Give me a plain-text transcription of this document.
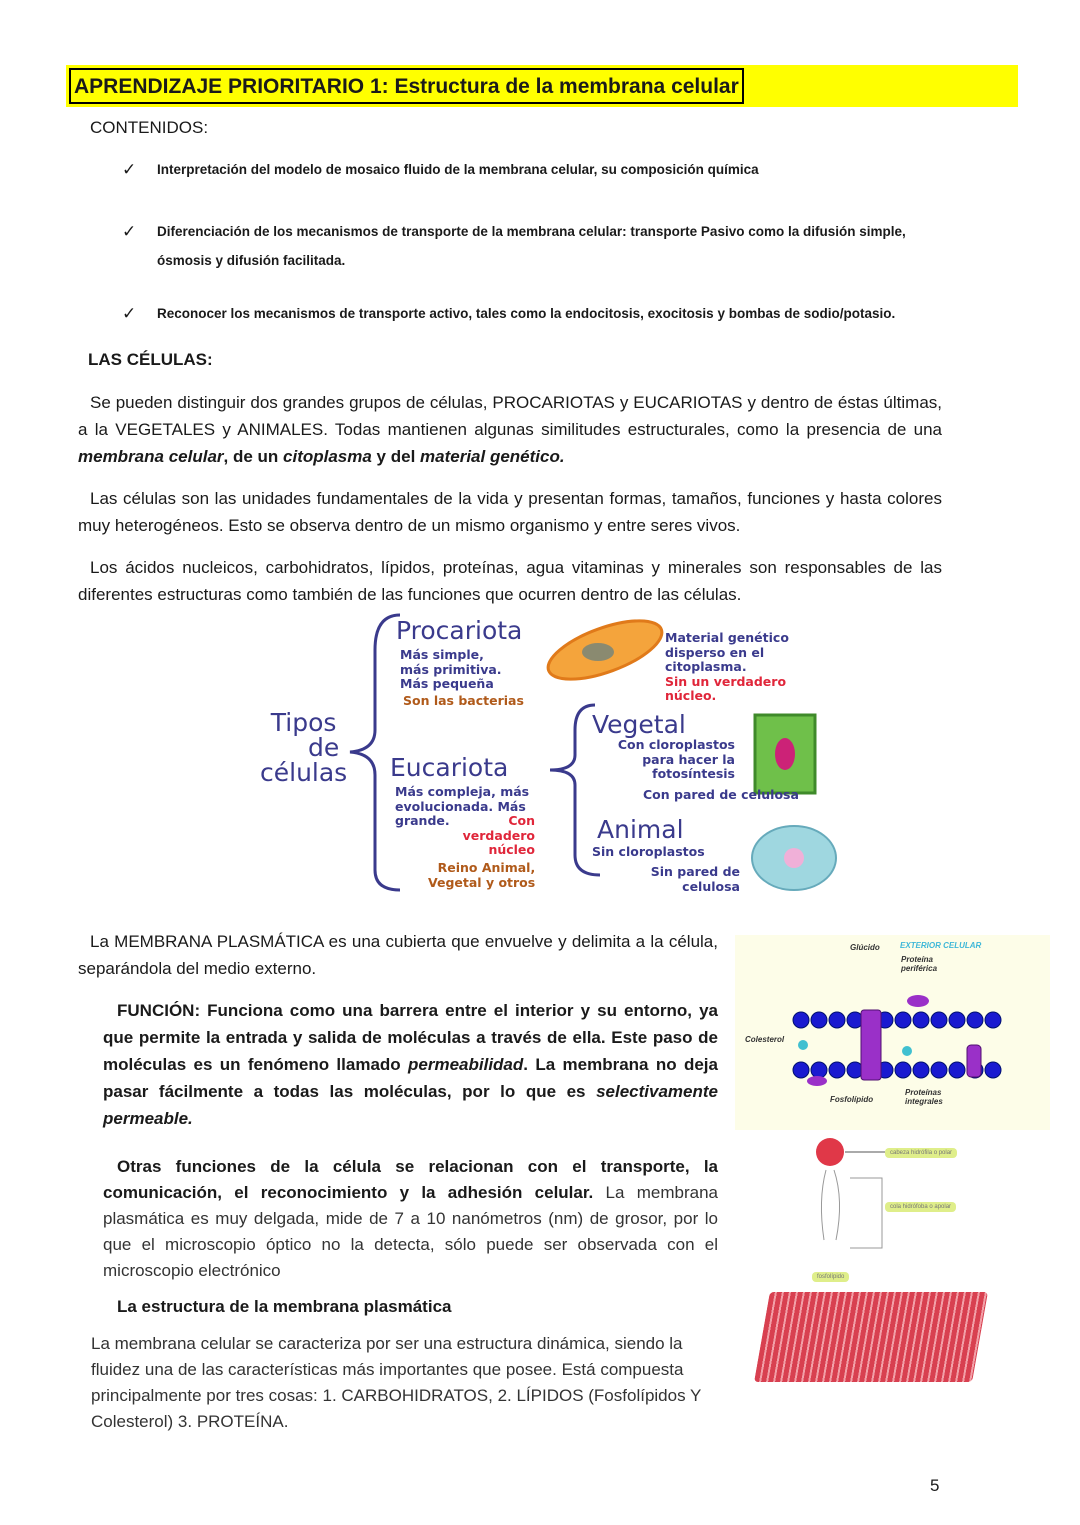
APRENDIZAJE PRIORITARIO 1: Estructura de la membrana celular
CONTENIDOS:
✓ Interpretación del modelo de mosaico fluido de la membrana celular, su composición química
✓ Diferenciación de los mecanismos de transporte de la membrana celular: transporte Pasivo como la difusión simple, ósmosis y difusión facilitada.
✓ Reconocer los mecanismos de transporte activo, tales como la endocitosis, exocitosis y bombas de sodio/potasio.
LAS CÉLULAS:
Se pueden distinguir dos grandes grupos de células, PROCARIOTAS y EUCARIOTAS y dentro de éstas últimas, a la VEGETALES y ANIMALES. Todas mantienen algunas similitudes estructurales, como la presencia de una membrana celular, de un citoplasma y del material genético.
Las células son las unidades fundamentales de la vida y presentan formas, tamaños, funciones y hasta colores muy heterogéneos. Esto se observa dentro de un mismo organismo y entre seres vivos.
Los ácidos nucleicos, carbohidratos, lípidos, proteínas, agua vitaminas y minerales son responsables de las diferentes estructuras como también de las funciones que ocurren dentro de las células.
Tipos
de
células
Procariota
Más simple,
más primitiva.
Más pequeña
Son las bacterias
Material genético
disperso en el
citoplasma.
Sin un verdadero
núcleo.
Eucariota
Más compleja, más
evolucionada. Más
grande.	Con
verdadero
núcleo
Reino Animal,
Vegetal y otros
Vegetal
Con cloroplastos
para hacer la
fotosíntesis
Con pared de celulosa
Animal
Sin cloroplastos
Sin pared de
celulosa
La MEMBRANA PLASMÁTICA es una cubierta que envuelve y delimita a la célula, separándola del medio externo.
FUNCIÓN: Funciona como una barrera entre el interior y su entorno, ya que permite la entrada y salida de moléculas a través de ella. Este paso de moléculas es un fenómeno llamado permeabilidad. La membrana no deja pasar fácilmente a todas las moléculas, por lo que es selectivamente permeable.
Otras funciones de la célula se relacionan con el transporte, la comunicación, el reconocimiento y la adhesión celular. La membrana plasmática es muy delgada, mide de 7 a 10 nanómetros (nm) de grosor, por lo que el microscopio óptico no la detecta, sólo puede ser observada con el microscopio electrónico
La estructura de la membrana plasmática
La membrana celular se caracteriza por ser una estructura dinámica, siendo la fluidez una de las características más importantes que posee. Está compuesta principalmente por tres cosas: 1. CARBOHIDRATOS, 2. LÍPIDOS (Fosfolípidos Y Colesterol) 3. PROTEÍNA.
Glúcido	EXTERIOR CELULAR
Proteína periférica
Colesterol
Fosfolípido
Proteínas integrales
cabeza hidrófila o polar
cola hidrófoba o apolar
fosfolípido
5
